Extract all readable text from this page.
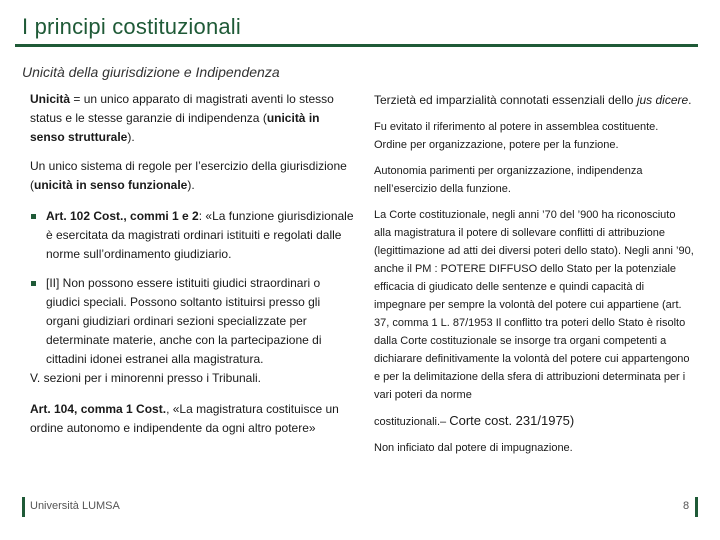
I principi costituzionali
Unicità della giurisdizione e Indipendenza

Unicità = un unico apparato di magistrati aventi lo stesso status e le stesse garanzie di indipendenza (unicità in senso strutturale).

Un unico sistema di regole per l’esercizio della giurisdizione (unicità in senso funzionale).

Art. 102 Cost., commi 1 e 2: «La funzione giurisdizionale è esercitata da magistrati ordinari istituiti e regolati dalle norme sull’ordinamento giudiziario.

[II] Non possono essere istituiti giudici straordinari o giudici speciali. Possono soltanto istituirsi presso gli organi giudiziari ordinari sezioni specializzate per determinate materie, anche con la partecipazione di cittadini idonei estranei alla magistratura.

V. sezioni per i minorenni presso i Tribunali.

Art. 104, comma 1 Cost., «La magistratura costituisce un ordine autonomo e indipendente da ogni altro potere»

Terzietà ed imparzialità connotati essenziali dello jus dicere.

Fu evitato il riferimento al potere in assemblea costituente. Ordine per organizzazione, potere per la funzione.

Autonomia parimenti per organizzazione, indipendenza nell’esercizio della funzione.

La Corte costituzionale, negli anni ’70 del ’900 ha riconosciuto alla magistratura il potere di sollevare conflitti di attribuzione (legittimazione ad atti dei diversi poteri dello stato). Negli anni ’90, anche il PM : POTERE DIFFUSO dello Stato per la potenziale efficacia di giudicato delle sentenze e quindi capacità di impegnare per sempre la volontà del potere cui appartiene (art. 37, comma 1 L. 87/1953 Il conflitto tra poteri dello Stato è risolto dalla Corte costituzionale se insorge tra organi competenti a dichiarare definitivamente la volontà del potere cui appartengono e per la delimitazione della sfera di attribuzioni determinata per i vari poteri da norme

costituzionali.– Corte cost. 231/1975)

Non inficiato dal potere di impugnazione.

Università LUMSA	8
